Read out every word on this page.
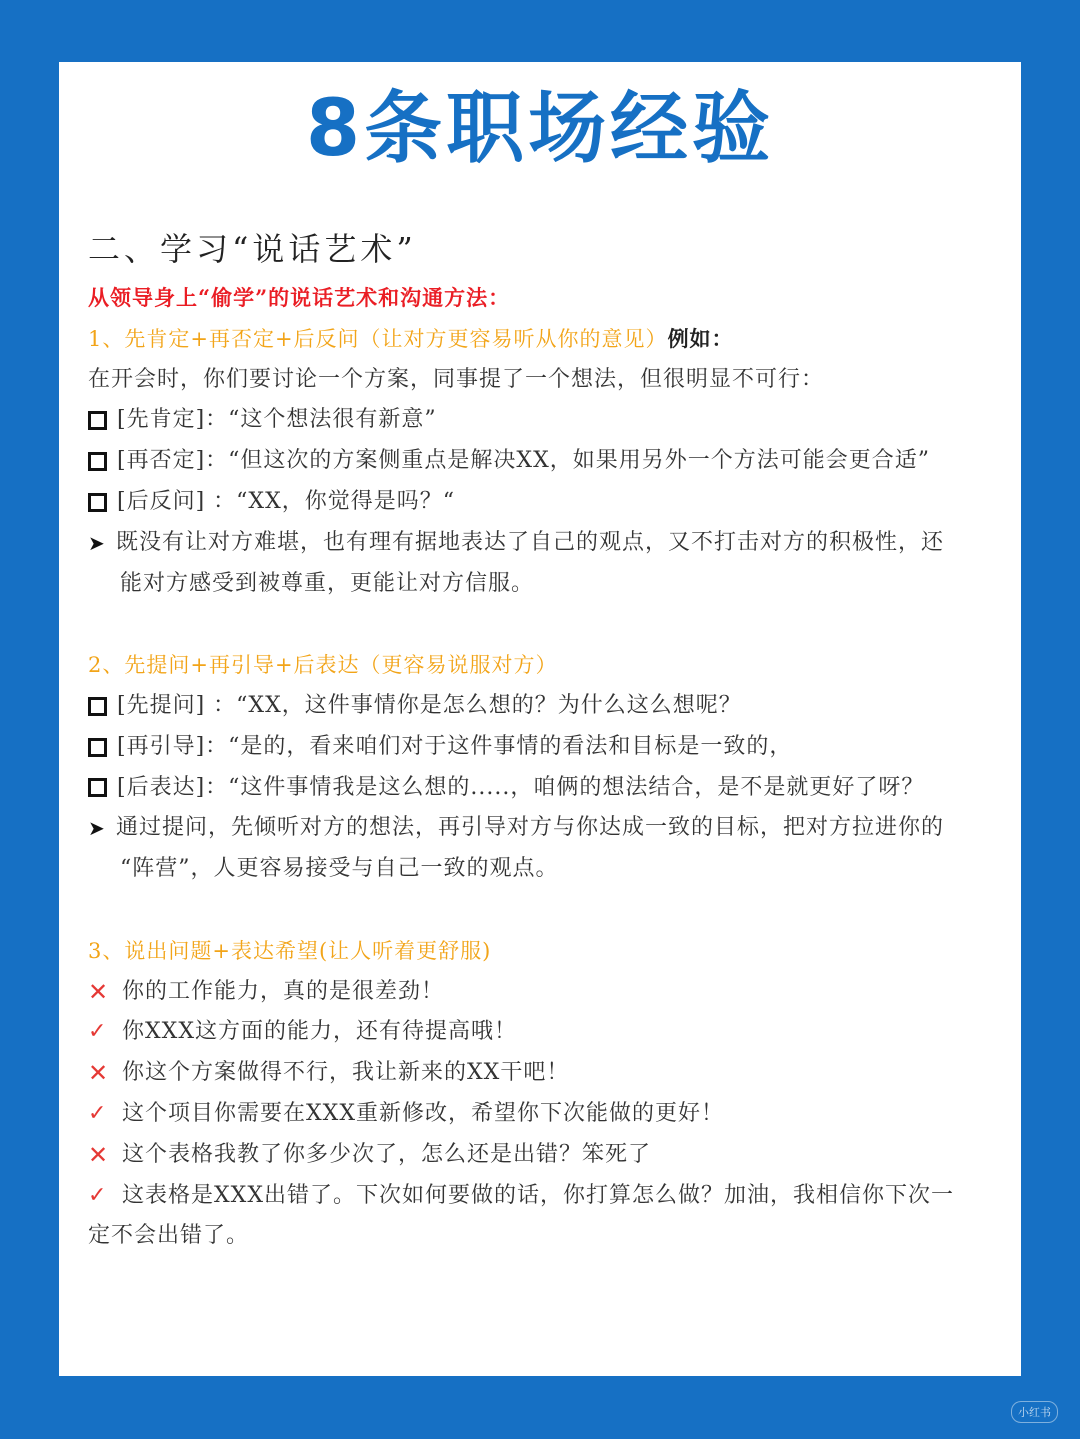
8条职场经验
二、学习“说话艺术”
从领导身上“偷学”的说话艺术和沟通方法：
1、先肯定+再否定+后反问（让对方更容易听从你的意见）例如：
在开会时，你们要讨论一个方案，同事提了一个想法，但很明显不可行：
[先肯定]：“这个想法很有新意”
[再否定]：“但这次的方案侧重点是解决XX，如果用另外一个方法可能会更合适”
[后反问] ：“XX，你觉得是吗？“
➤ 既没有让对方难堪，也有理有据地表达了自己的观点，又不打击对方的积极性，还
能对方感受到被尊重，更能让对方信服。
2、先提问+再引导+后表达（更容易说服对方）
[先提问] ：“XX，这件事情你是怎么想的？为什么这么想呢？
[再引导]：“是的，看来咱们对于这件事情的看法和目标是一致的，
[后表达]：“这件事情我是这么想的.....，咱俩的想法结合，是不是就更好了呀？
➤ 通过提问，先倾听对方的想法，再引导对方与你达成一致的目标，把对方拉进你的
“阵营”，人更容易接受与自己一致的观点。
3、说出问题+表达希望(让人听着更舒服)
✕ 你的工作能力，真的是很差劲！
✓ 你XXX这方面的能力，还有待提高哦！
✕ 你这个方案做得不行，我让新来的XX干吧！
✓ 这个项目你需要在XXX重新修改，希望你下次能做的更好！
✕ 这个表格我教了你多少次了，怎么还是出错？笨死了
✓ 这表格是XXX出错了。下次如何要做的话，你打算怎么做？加油，我相信你下次一
定不会出错了。
小红书
